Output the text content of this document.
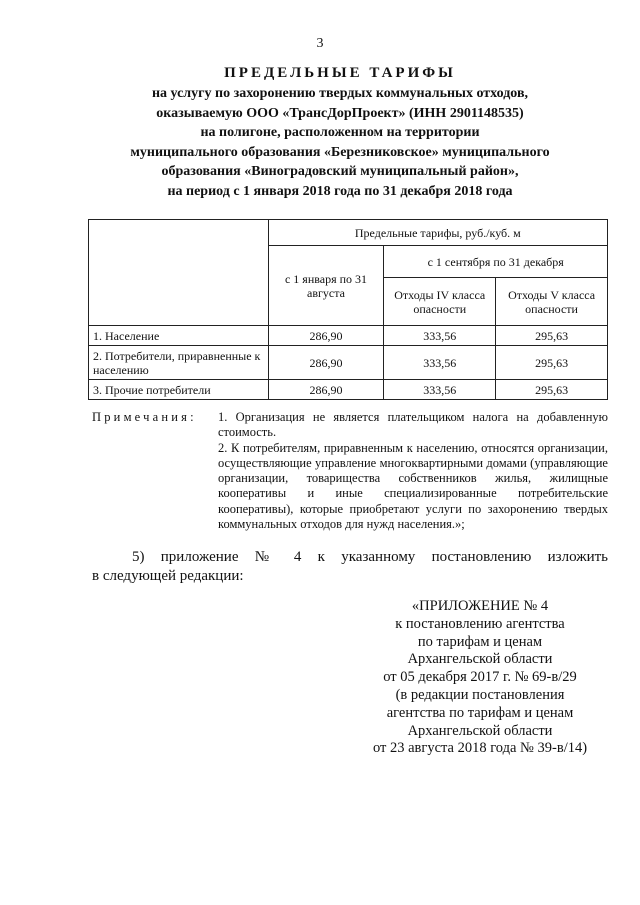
3
ПРЕДЕЛЬНЫЕ ТАРИФЫ
на услугу по захоронению твердых коммунальных отходов,
оказываемую ООО «ТрансДорПроект» (ИНН 2901148535)
на полигоне, расположенном на территории
муниципального образования «Березниковское» муниципального
образования «Виноградовский муниципальный район»,
на период с 1 января 2018 года по 31 декабря 2018 года
	Предельные тарифы, руб./куб. м		
	с 1 января по 31 августа	с 1 сентября по 31 декабря	
		Отходы IV класса опасности	Отходы V класса опасности
1. Население	286,90	333,56	295,63
2. Потребители, приравненные к населению	286,90	333,56	295,63
3. Прочие потребители	286,90	333,56	295,63
Примечания: 1. Организация не является плательщиком налога на добавленную стоимость.

2. К потребителям, приравненным к населению, относятся организации, осуществляющие управление многоквартирными домами (управляющие организации, товарищества собственников жилья, жилищные кооперативы и иные специализированные потребительские кооперативы), которые приобретают услуги по захоронению твердых коммунальных отходов для нужд населения.»;

5) приложение № 4 к указанному постановлению изложить

в следующей редакции:

«ПРИЛОЖЕНИЕ № 4
к постановлению агентства
по тарифам и ценам
Архангельской области
от 05 декабря 2017 г. № 69-в/29
(в редакции постановления
агентства по тарифам и ценам
Архангельской области
от 23 августа 2018 года № 39-в/14)
